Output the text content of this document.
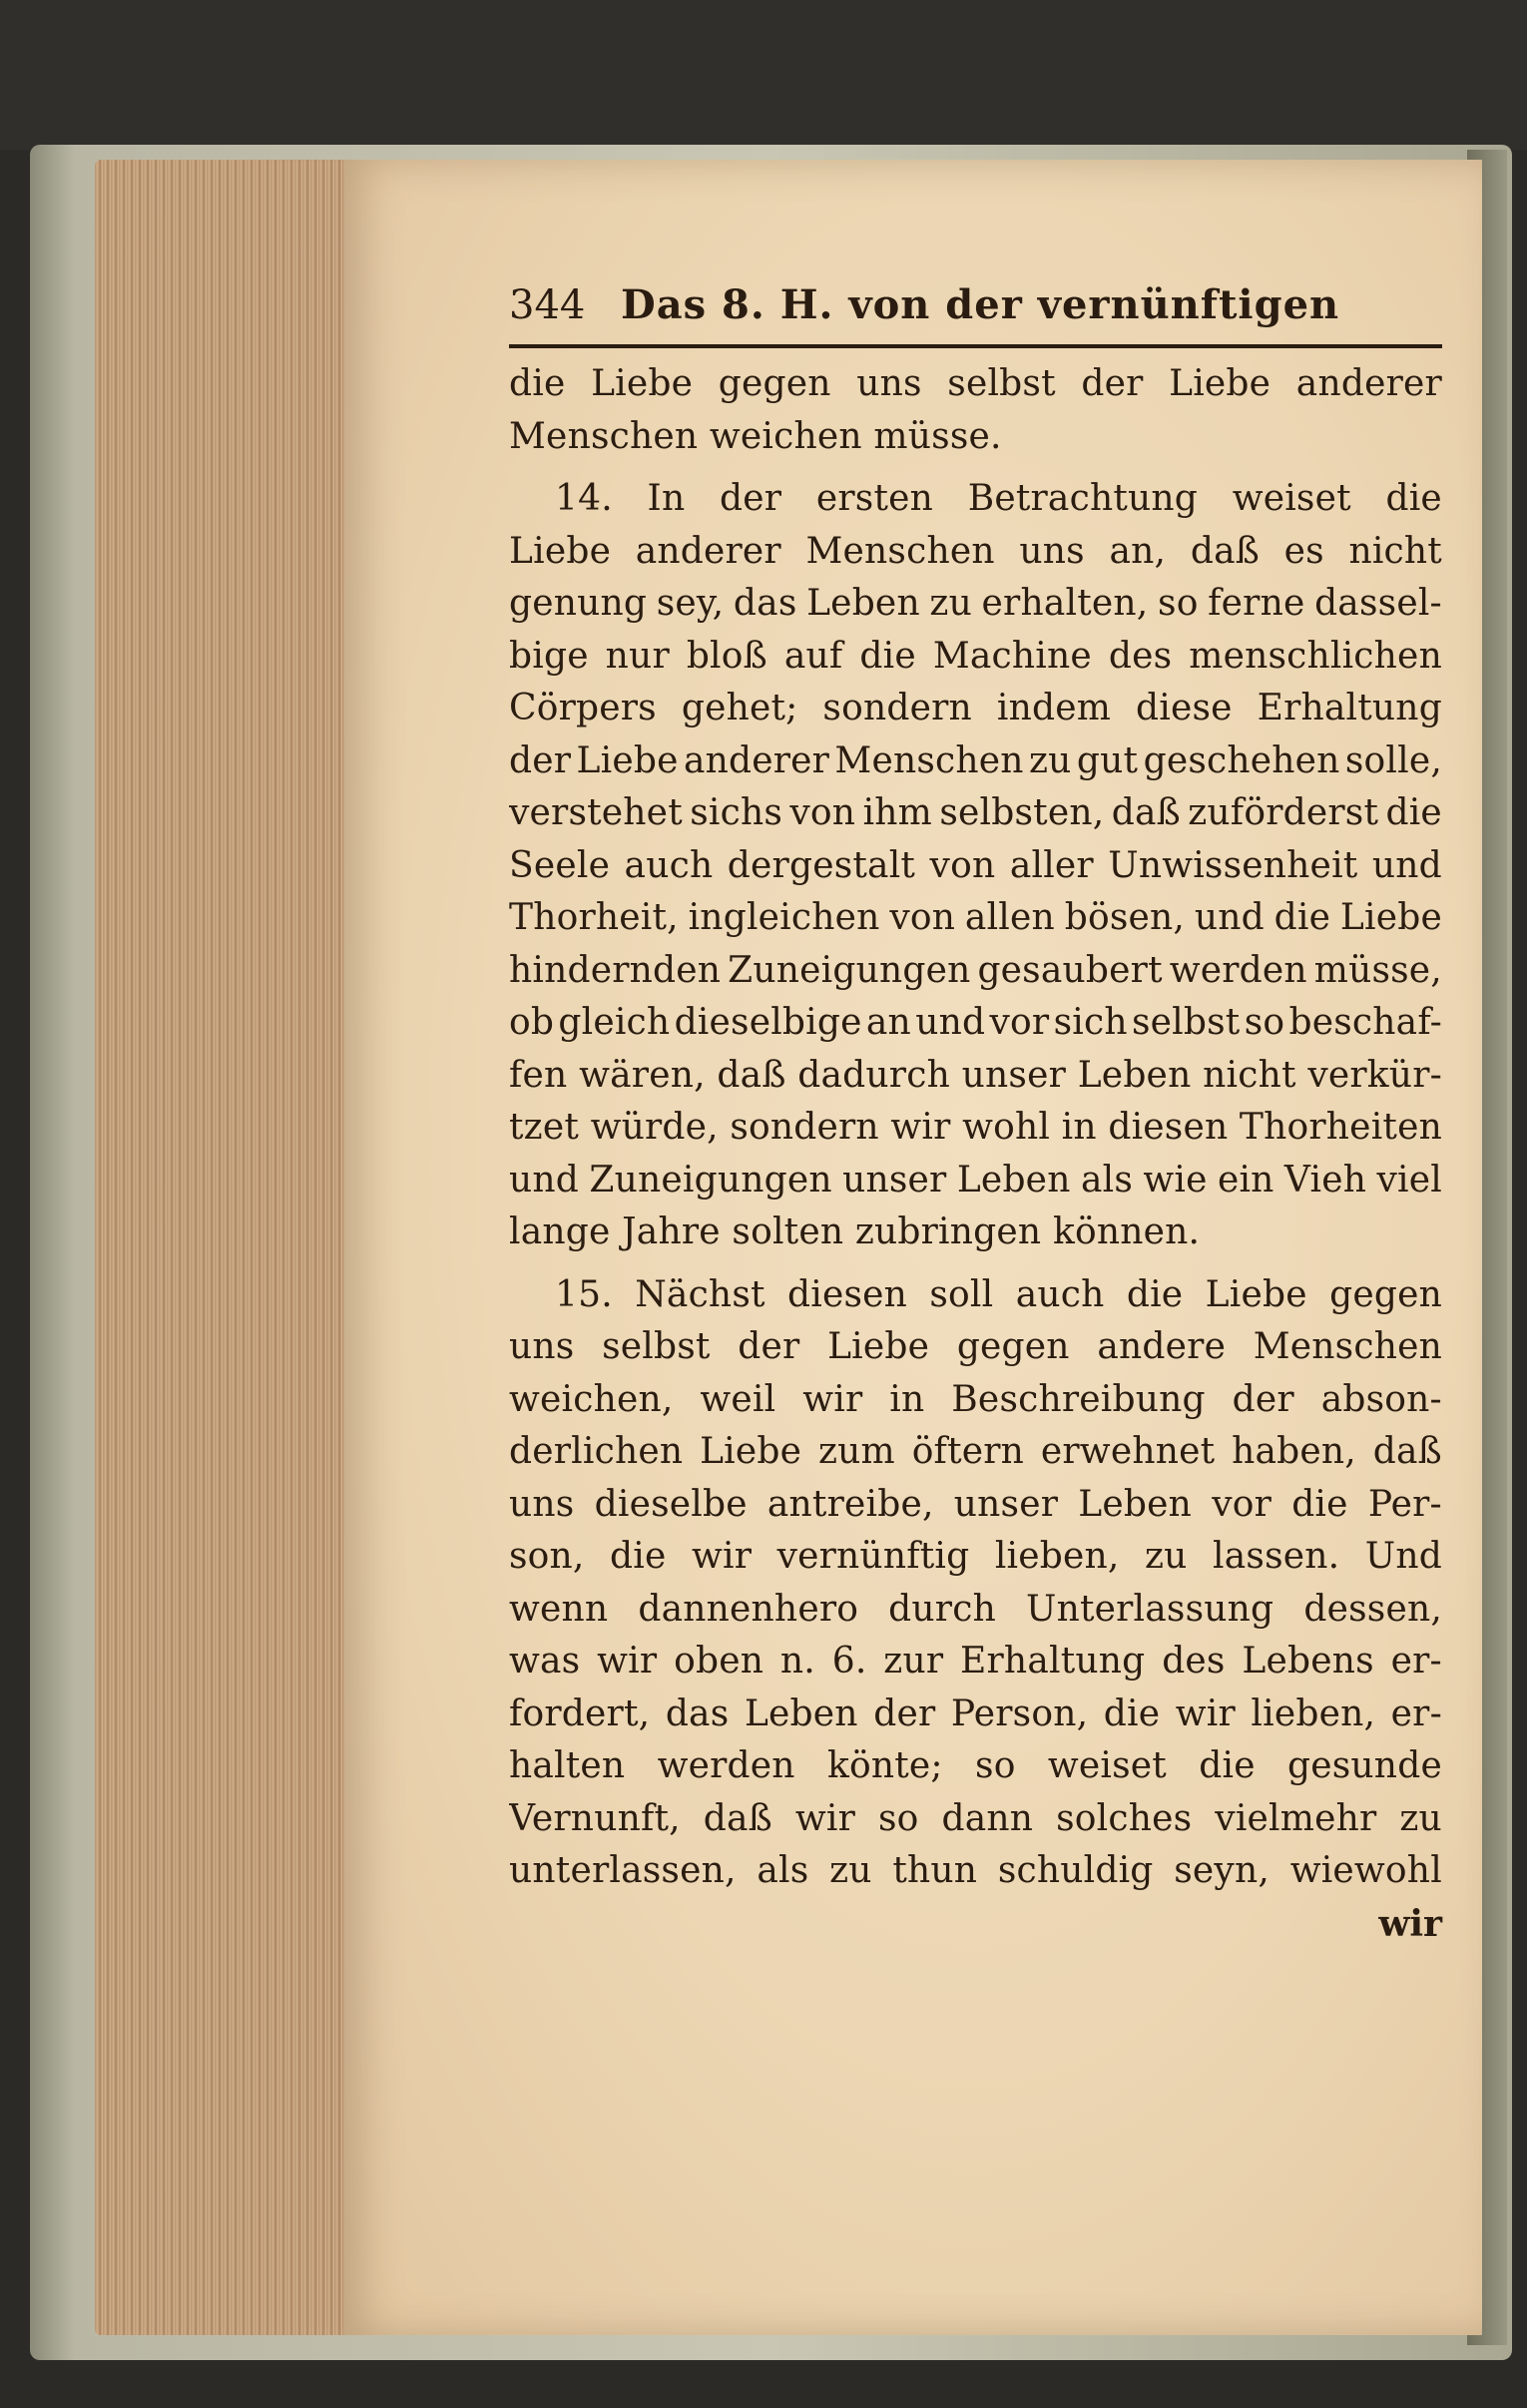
344 Das 8. H. von der vernünftigen
die Liebe gegen uns selbst der Liebe anderer
Menschen weichen müsse.
14. In der ersten Betrachtung weiset die
Liebe anderer Menschen uns an, daß es nicht
genung sey, das Leben zu erhalten, so ferne dassel-
bige nur bloß auf die Machine des menschlichen
Cörpers gehet; sondern indem diese Erhaltung
der Liebe anderer Menschen zu gut geschehen solle,
verstehet sichs von ihm selbsten, daß zuförderst die
Seele auch dergestalt von aller Unwissenheit und
Thorheit, ingleichen von allen bösen, und die Liebe
hindernden Zuneigungen gesaubert werden müsse,
ob gleich dieselbige an und vor sich selbst so beschaf-
fen wären, daß dadurch unser Leben nicht verkür-
tzet würde, sondern wir wohl in diesen Thorheiten
und Zuneigungen unser Leben als wie ein Vieh viel
lange Jahre solten zubringen können.
15. Nächst diesen soll auch die Liebe gegen
uns selbst der Liebe gegen andere Menschen
weichen, weil wir in Beschreibung der abson-
derlichen Liebe zum öftern erwehnet haben, daß
uns dieselbe antreibe, unser Leben vor die Per-
son, die wir vernünftig lieben, zu lassen. Und
wenn dannenhero durch Unterlassung dessen,
was wir oben n. 6. zur Erhaltung des Lebens er-
fordert, das Leben der Person, die wir lieben, er-
halten werden könte; so weiset die gesunde
Vernunft, daß wir so dann solches vielmehr zu
unterlassen, als zu thun schuldig seyn, wiewohl
wir
